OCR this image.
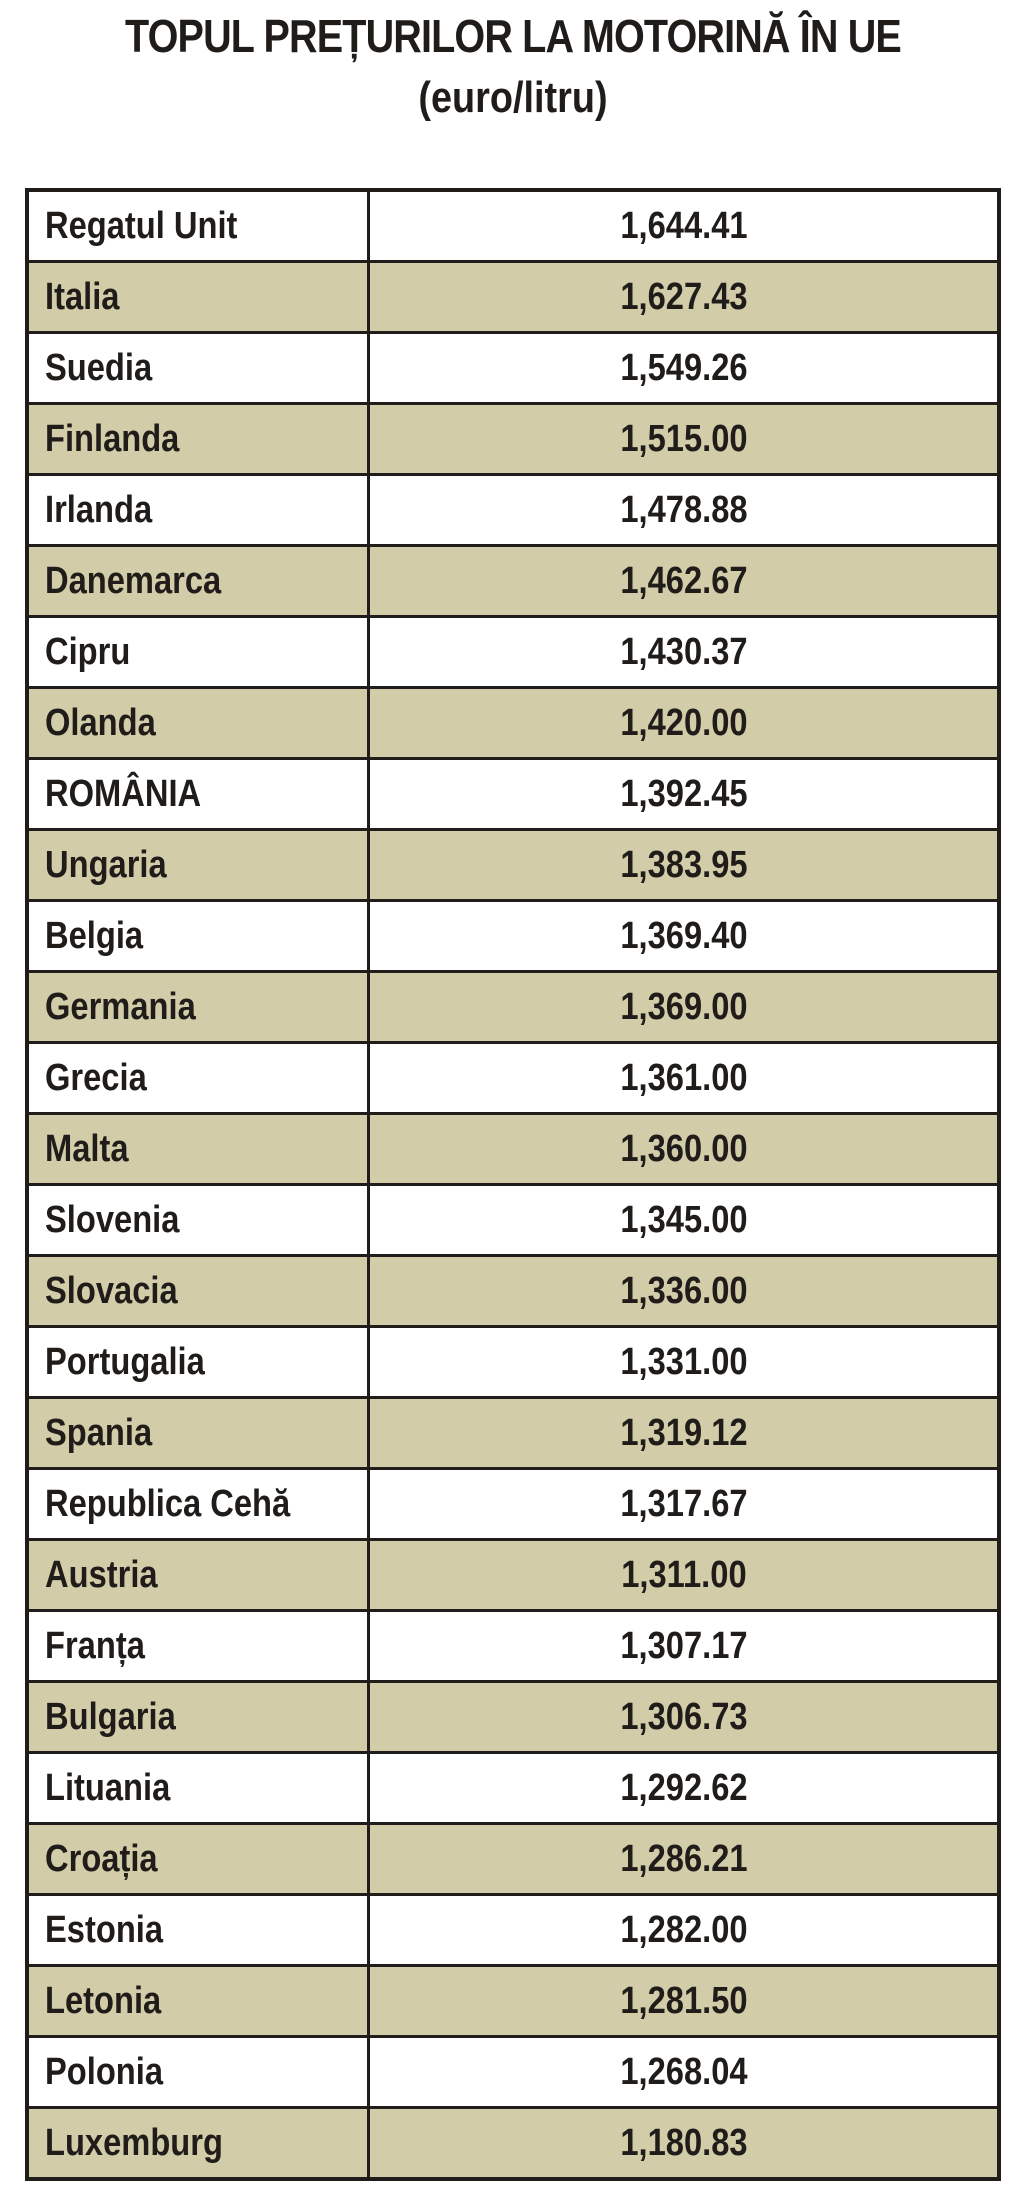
TOPUL PREȚURILOR LA MOTORINĂ ÎN UE
(euro/litru)
Regatul Unit	1,644.41
Italia	1,627.43
Suedia	1,549.26
Finlanda	1,515.00
Irlanda	1,478.88
Danemarca	1,462.67
Cipru	1,430.37
Olanda	1,420.00
ROMÂNIA	1,392.45
Ungaria	1,383.95
Belgia	1,369.40
Germania	1,369.00
Grecia	1,361.00
Malta	1,360.00
Slovenia	1,345.00
Slovacia	1,336.00
Portugalia	1,331.00
Spania	1,319.12
Republica Cehă	1,317.67
Austria	1,311.00
Franța	1,307.17
Bulgaria	1,306.73
Lituania	1,292.62
Croația	1,286.21
Estonia	1,282.00
Letonia	1,281.50
Polonia	1,268.04
Luxemburg	1,180.83
